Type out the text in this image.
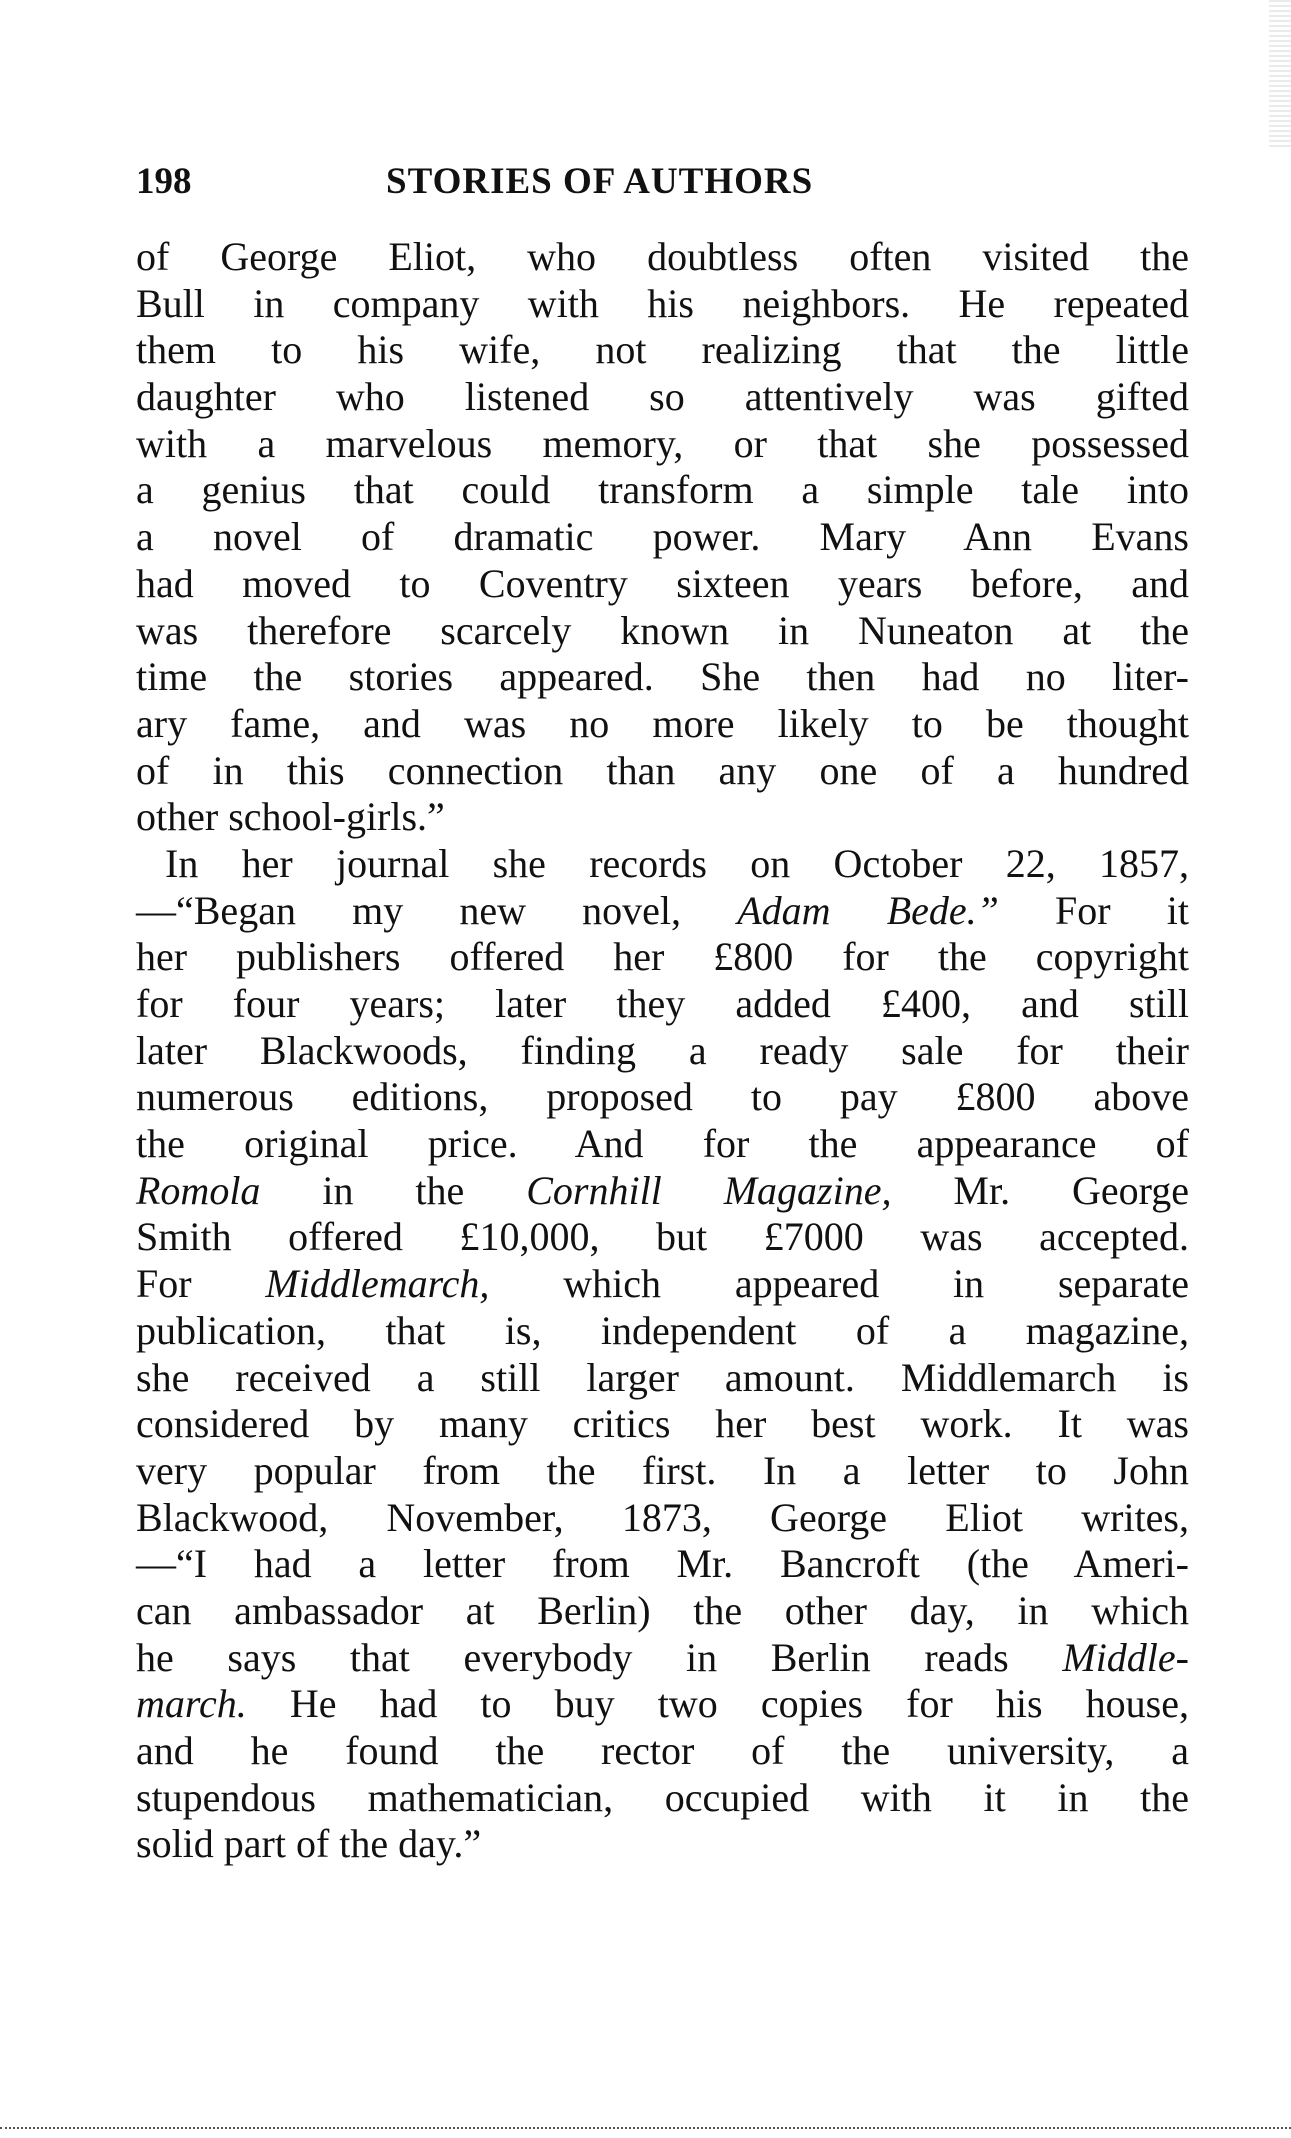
198	STORIES OF AUTHORS
of George Eliot, who doubtless often visited the
Bull in company with his neighbors. He repeated
them to his wife, not realizing that the little
daughter who listened so attentively was gifted
with a marvelous memory, or that she possessed
a genius that could transform a simple tale into
a novel of dramatic power. Mary Ann Evans
had moved to Coventry sixteen years before, and
was therefore scarcely known in Nuneaton at the
time the stories appeared. She then had no liter-
ary fame, and was no more likely to be thought
of in this connection than any one of a hundred
other school-girls.”
In her journal she records on October 22, 1857,
—“Began my new novel, Adam Bede.” For it
her publishers offered her £800 for the copyright
for four years; later they added £400, and still
later Blackwoods, finding a ready sale for their
numerous editions, proposed to pay £800 above
the original price. And for the appearance of
Romola in the Cornhill Magazine, Mr. George
Smith offered £10,000, but £7000 was accepted.
For Middlemarch, which appeared in separate
publication, that is, independent of a magazine,
she received a still larger amount. Middlemarch is
considered by many critics her best work. It was
very popular from the first. In a letter to John
Blackwood, November, 1873, George Eliot writes,
—“I had a letter from Mr. Bancroft (the Ameri-
can ambassador at Berlin) the other day, in which
he says that everybody in Berlin reads Middle-
march. He had to buy two copies for his house,
and he found the rector of the university, a
stupendous mathematician, occupied with it in the
solid part of the day.”
